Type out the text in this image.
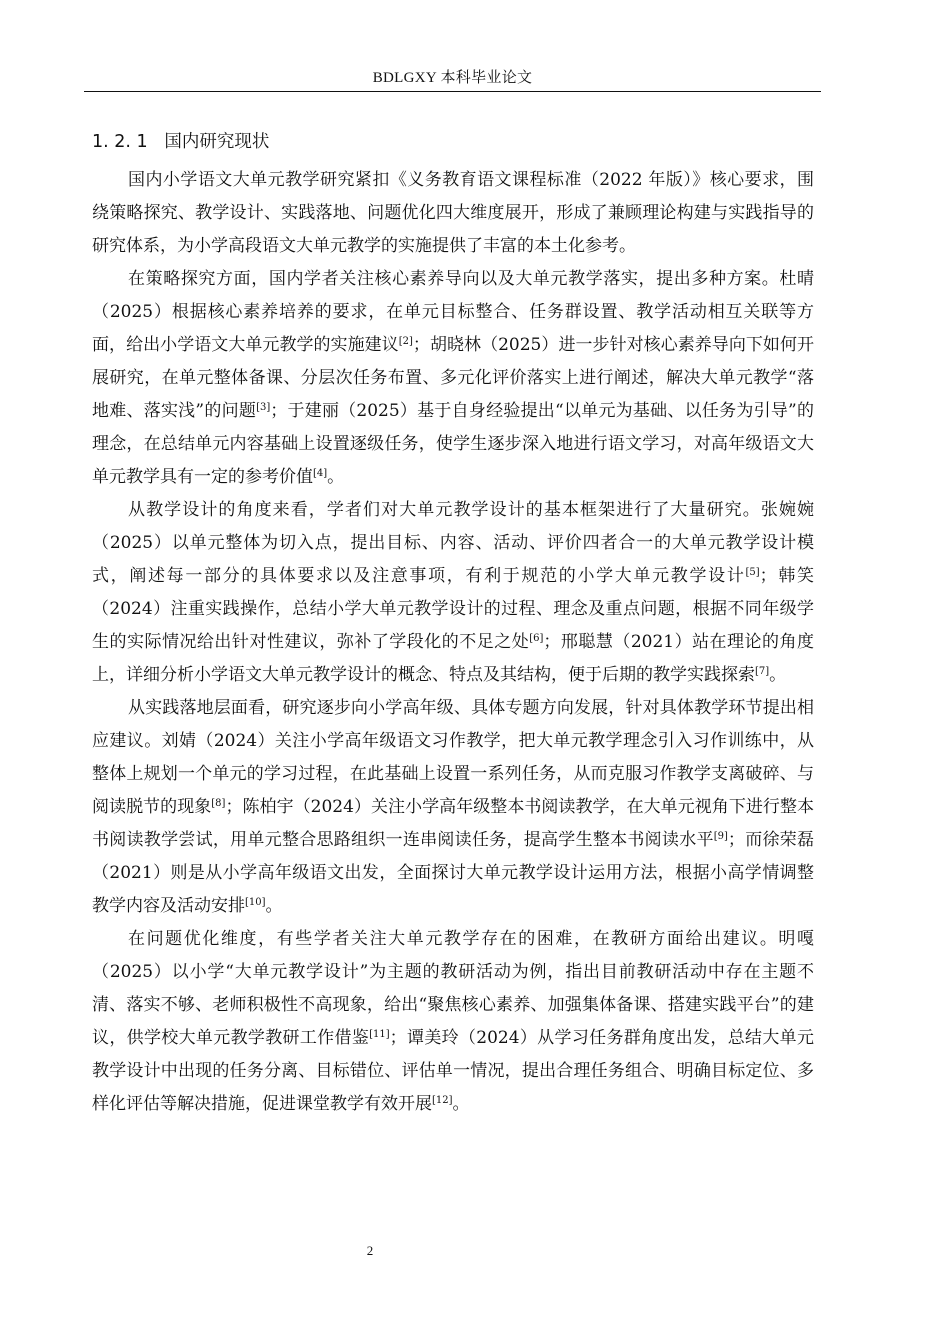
BDLGXY 本科毕业论文
1. 2. 1 国内研究现状

国内小学语文大单元教学研究紧扣《义务教育语文课程标准（2022 年版）》核心要求，围绕策略探究、教学设计、实践落地、问题优化四大维度展开，形成了兼顾理论构建与实践指导的研究体系，为小学高段语文大单元教学的实施提供了丰富的本土化参考。

在策略探究方面，国内学者关注核心素养导向以及大单元教学落实，提出多种方案。杜晴（2025）根据核心素养培养的要求，在单元目标整合、任务群设置、教学活动相互关联等方面，给出小学语文大单元教学的实施建议[2]；胡晓林（2025）进一步针对核心素养导向下如何开展研究，在单元整体备课、分层次任务布置、多元化评价落实上进行阐述，解决大单元教学“落地难、落实浅”的问题[3]；于建丽（2025）基于自身经验提出“以单元为基础、以任务为引导”的理念，在总结单元内容基础上设置逐级任务，使学生逐步深入地进行语文学习，对高年级语文大单元教学具有一定的参考价值[4]。

从教学设计的角度来看，学者们对大单元教学设计的基本框架进行了大量研究。张婉婉（2025）以单元整体为切入点，提出目标、内容、活动、评价四者合一的大单元教学设计模式，阐述每一部分的具体要求以及注意事项，有利于规范的小学大单元教学设计[5]；韩笑（2024）注重实践操作，总结小学大单元教学设计的过程、理念及重点问题，根据不同年级学生的实际情况给出针对性建议，弥补了学段化的不足之处[6]；邢聪慧（2021）站在理论的角度上，详细分析小学语文大单元教学设计的概念、特点及其结构，便于后期的教学实践探索[7]。

从实践落地层面看，研究逐步向小学高年级、具体专题方向发展，针对具体教学环节提出相应建议。刘婧（2024）关注小学高年级语文习作教学，把大单元教学理念引入习作训练中，从整体上规划一个单元的学习过程，在此基础上设置一系列任务，从而克服习作教学支离破碎、与阅读脱节的现象[8]；陈柏宇（2024）关注小学高年级整本书阅读教学，在大单元视角下进行整本书阅读教学尝试，用单元整合思路组织一连串阅读任务，提高学生整本书阅读水平[9]；而徐荣磊（2021）则是从小学高年级语文出发，全面探讨大单元教学设计运用方法，根据小高学情调整教学内容及活动安排[10]。

在问题优化维度，有些学者关注大单元教学存在的困难，在教研方面给出建议。明嘎（2025）以小学“大单元教学设计”为主题的教研活动为例，指出目前教研活动中存在主题不清、落实不够、老师积极性不高现象，给出“聚焦核心素养、加强集体备课、搭建实践平台”的建议，供学校大单元教学教研工作借鉴[11]；谭美玲（2024）从学习任务群角度出发，总结大单元教学设计中出现的任务分离、目标错位、评估单一情况，提出合理任务组合、明确目标定位、多样化评估等解决措施，促进课堂教学有效开展[12]。

2
